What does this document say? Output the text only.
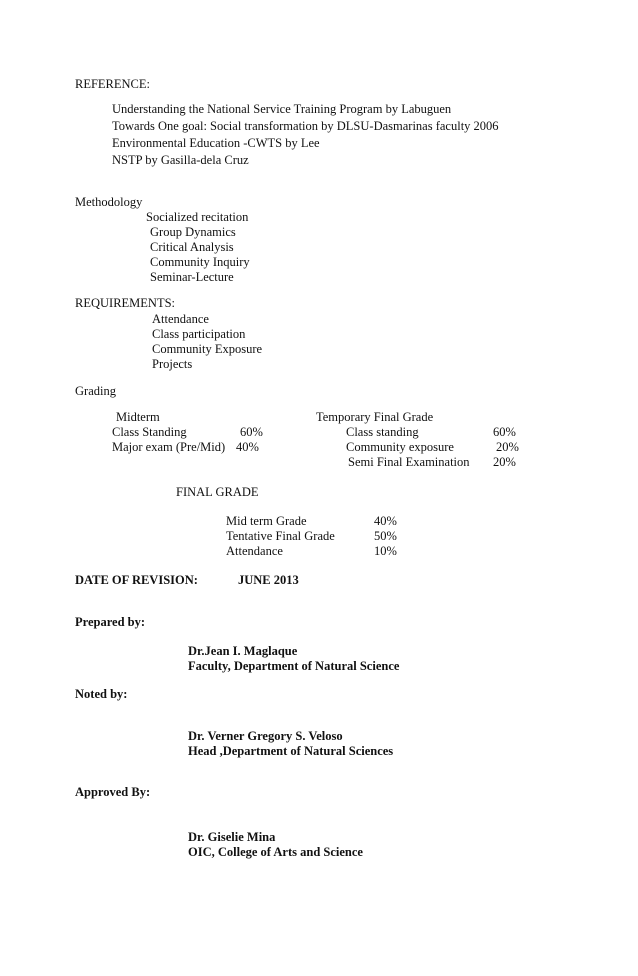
REFERENCE:
Understanding the National Service Training Program by Labuguen
Towards One goal: Social transformation by DLSU-Dasmarinas faculty 2006
Environmental Education -CWTS by Lee
NSTP by Gasilla-dela Cruz
Methodology
Socialized recitation
Group Dynamics
Critical Analysis
Community Inquiry
Seminar-Lecture
REQUIREMENTS:
Attendance
Class participation
Community Exposure
Projects
Grading
Midterm
Class Standing	60%
Major exam (Pre/Mid) 40%
Temporary Final Grade
Class standing	60%
Community exposure	20%
Semi Final Examination 20%
FINAL GRADE
Mid term Grade	40%
Tentative Final Grade	50%
Attendance	10%
DATE OF REVISION:	JUNE 2013
Prepared by:
Dr.Jean I. Maglaque
Faculty, Department of Natural Science
Noted by:
Dr. Verner Gregory S. Veloso
Head ,Department of Natural Sciences
Approved By:
Dr. Giselie Mina
OIC, College of Arts and Science
